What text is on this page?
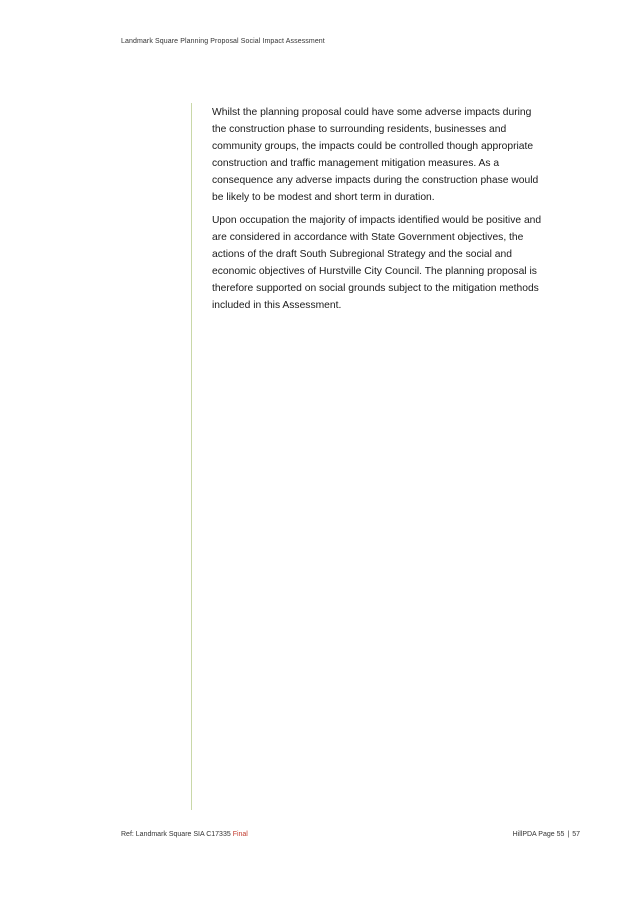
Landmark Square Planning Proposal Social Impact Assessment

Whilst the planning proposal could have some adverse impacts during the construction phase to surrounding residents, businesses and community groups, the impacts could be controlled though appropriate construction and traffic management mitigation measures. As a consequence any adverse impacts during the construction phase would be likely to be modest and short term in duration.

Upon occupation the majority of impacts identified would be positive and are considered in accordance with State Government objectives, the actions of the draft South Subregional Strategy and the social and economic objectives of Hurstville City Council. The planning proposal is therefore supported on social grounds subject to the mitigation methods included in this Assessment.

Ref: Landmark Square SIA C17335 Final	HillPDA Page 55 | 57
